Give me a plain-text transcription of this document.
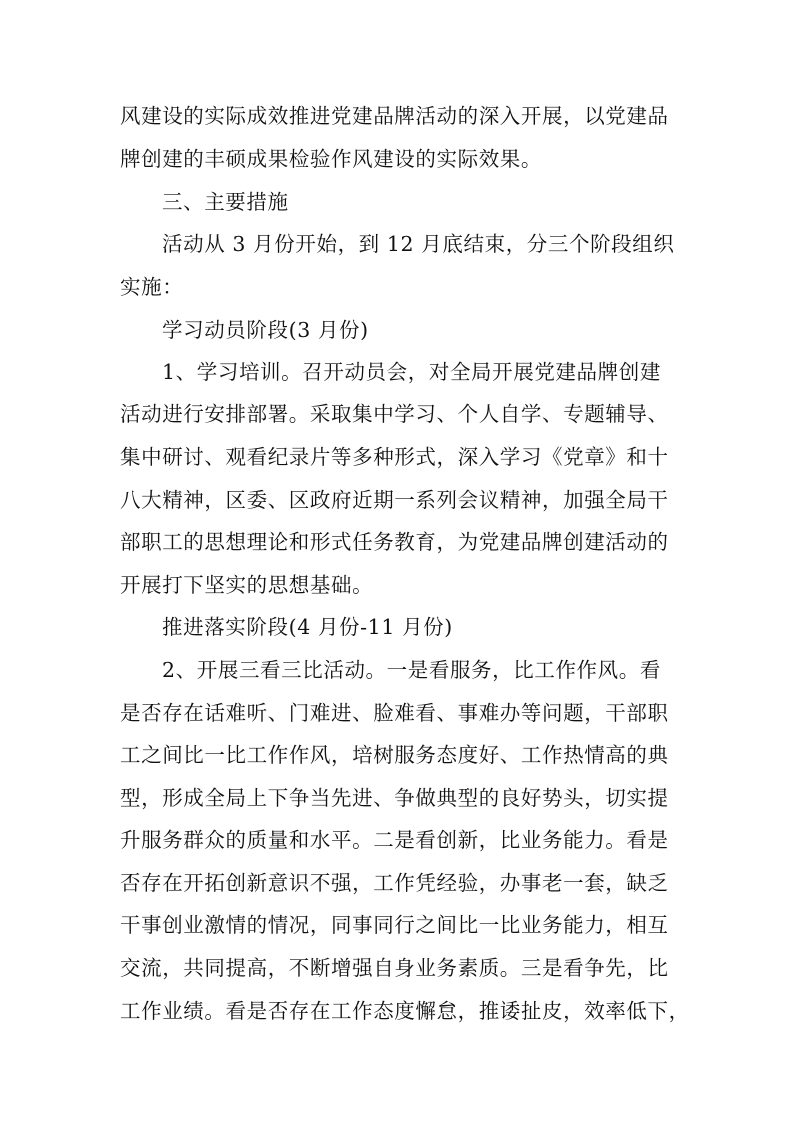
风建设的实际成效推进党建品牌活动的深入开展，以党建品
牌创建的丰硕成果检验作风建设的实际效果。
三、主要措施
活动从 3 月份开始，到 12 月底结束，分三个阶段组织
实施：
学习动员阶段(3 月份)
1、学习培训。召开动员会，对全局开展党建品牌创建
活动进行安排部署。采取集中学习、个人自学、专题辅导、
集中研讨、观看纪录片等多种形式，深入学习《党章》和十
八大精神，区委、区政府近期一系列会议精神，加强全局干
部职工的思想理论和形式任务教育，为党建品牌创建活动的
开展打下坚实的思想基础。
推进落实阶段(4 月份-11 月份)
2、开展三看三比活动。一是看服务，比工作作风。看
是否存在话难听、门难进、脸难看、事难办等问题，干部职
工之间比一比工作作风，培树服务态度好、工作热情高的典
型，形成全局上下争当先进、争做典型的良好势头，切实提
升服务群众的质量和水平。二是看创新，比业务能力。看是
否存在开拓创新意识不强，工作凭经验，办事老一套，缺乏
干事创业激情的情况，同事同行之间比一比业务能力，相互
交流，共同提高，不断增强自身业务素质。三是看争先，比
工作业绩。看是否存在工作态度懈怠，推诿扯皮，效率低下，
